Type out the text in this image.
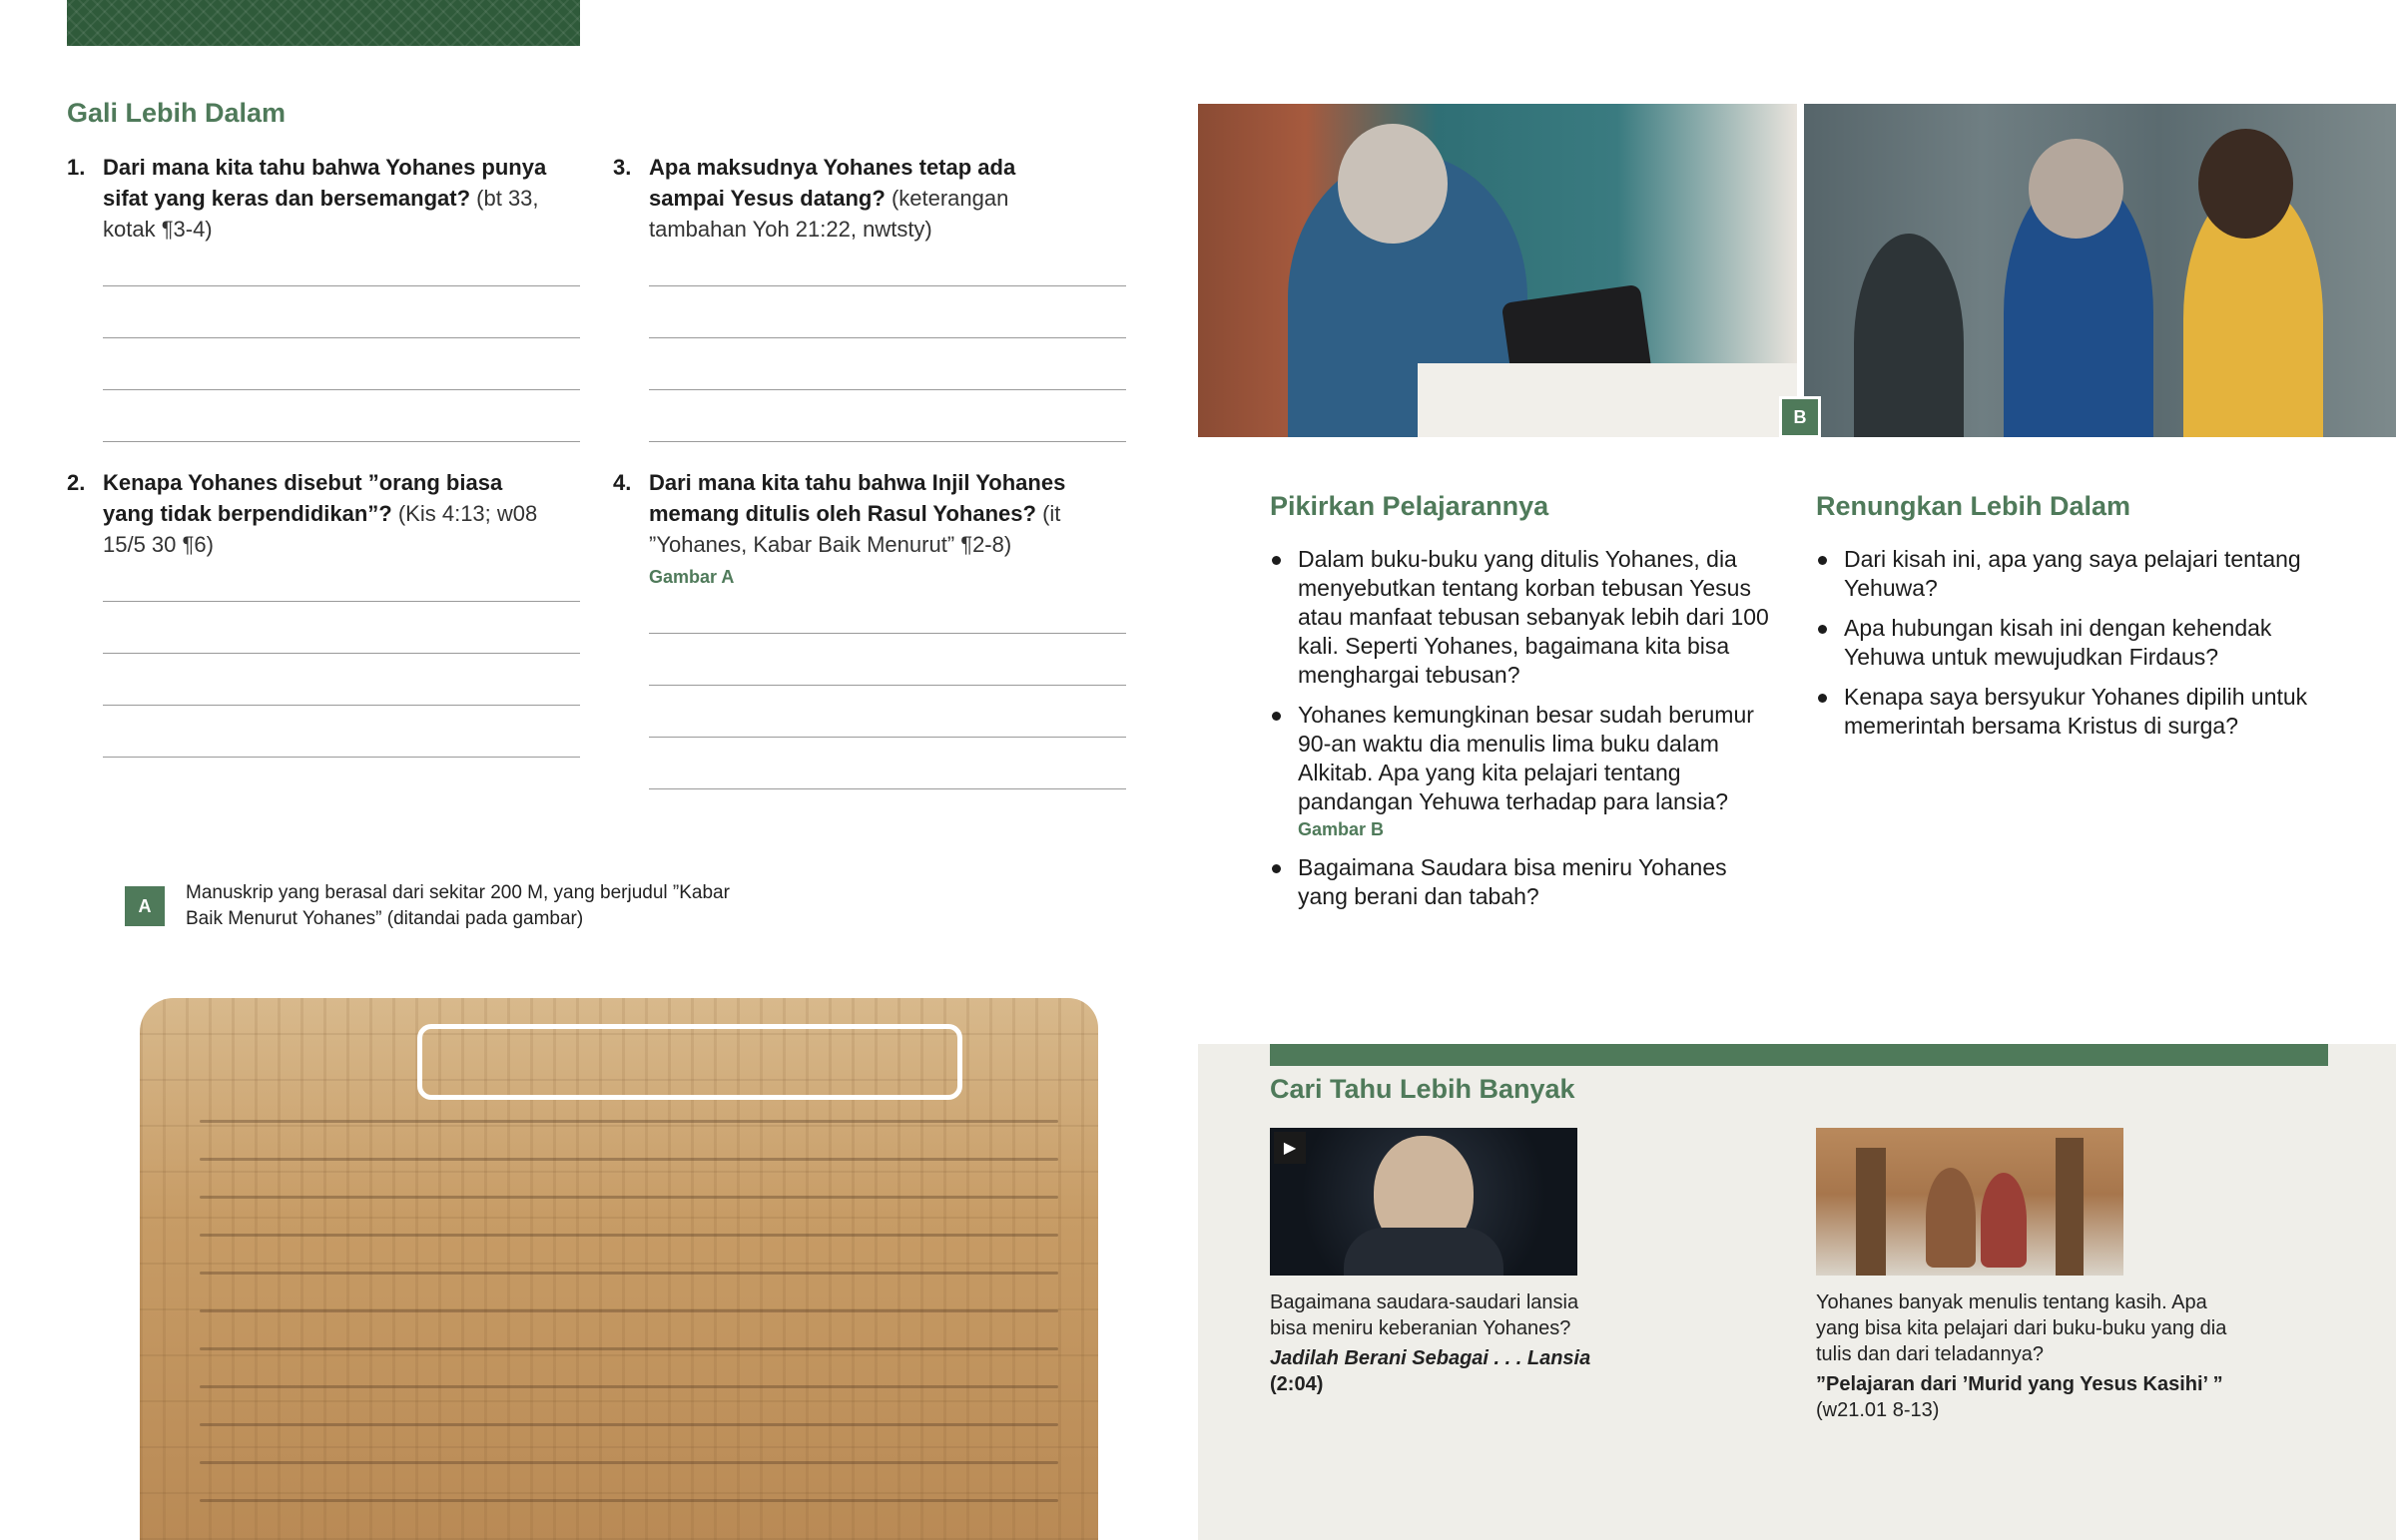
Gali Lebih Dalam
1. Dari mana kita tahu bahwa Yohanes punya sifat yang keras dan bersemangat? (bt 33, kotak ¶3-4)
2. Kenapa Yohanes disebut ”orang biasa yang tidak berpendidikan”? (Kis 4:13; w08 15/5 30 ¶6)
3. Apa maksudnya Yohanes tetap ada sampai Yesus datang? (keterangan tambahan Yoh 21:22, nwtsty)
4. Dari mana kita tahu bahwa Injil Yohanes memang ditulis oleh Rasul Yohanes? (it ”Yohanes, Kabar Baik Menurut” ¶2-8)
Gambar A
A
Manuskrip yang berasal dari sekitar 200 M, yang berjudul ”Kabar Baik Menurut Yohanes” (ditandai pada gambar)
B
Pikirkan Pelajarannya
Dalam buku-buku yang ditulis Yohanes, dia menyebutkan tentang korban tebusan Yesus atau manfaat tebusan sebanyak lebih dari 100 kali. Seperti Yohanes, bagaimana kita bisa menghargai tebusan?
Yohanes kemungkinan besar sudah berumur 90-an waktu dia menulis lima buku dalam Alkitab. Apa yang kita pelajari tentang pandangan Yehuwa terhadap para lansia?
Gambar B
Bagaimana Saudara bisa meniru Yohanes yang berani dan tabah?
Renungkan Lebih Dalam
Dari kisah ini, apa yang saya pelajari tentang Yehuwa?
Apa hubungan kisah ini dengan kehendak Yehuwa untuk mewujudkan Firdaus?
Kenapa saya bersyukur Yohanes dipilih untuk memerintah bersama Kristus di surga?
Cari Tahu Lebih Banyak
▶
Bagaimana saudara-saudari lansia bisa meniru keberanian Yohanes?
Jadilah Berani Sebagai . . . Lansia (2:04)
Yohanes banyak menulis tentang kasih. Apa yang bisa kita pelajari dari buku-buku yang dia tulis dan dari teladannya?
”Pelajaran dari ’Murid yang Yesus Kasihi’ ”
(w21.01 8-13)
